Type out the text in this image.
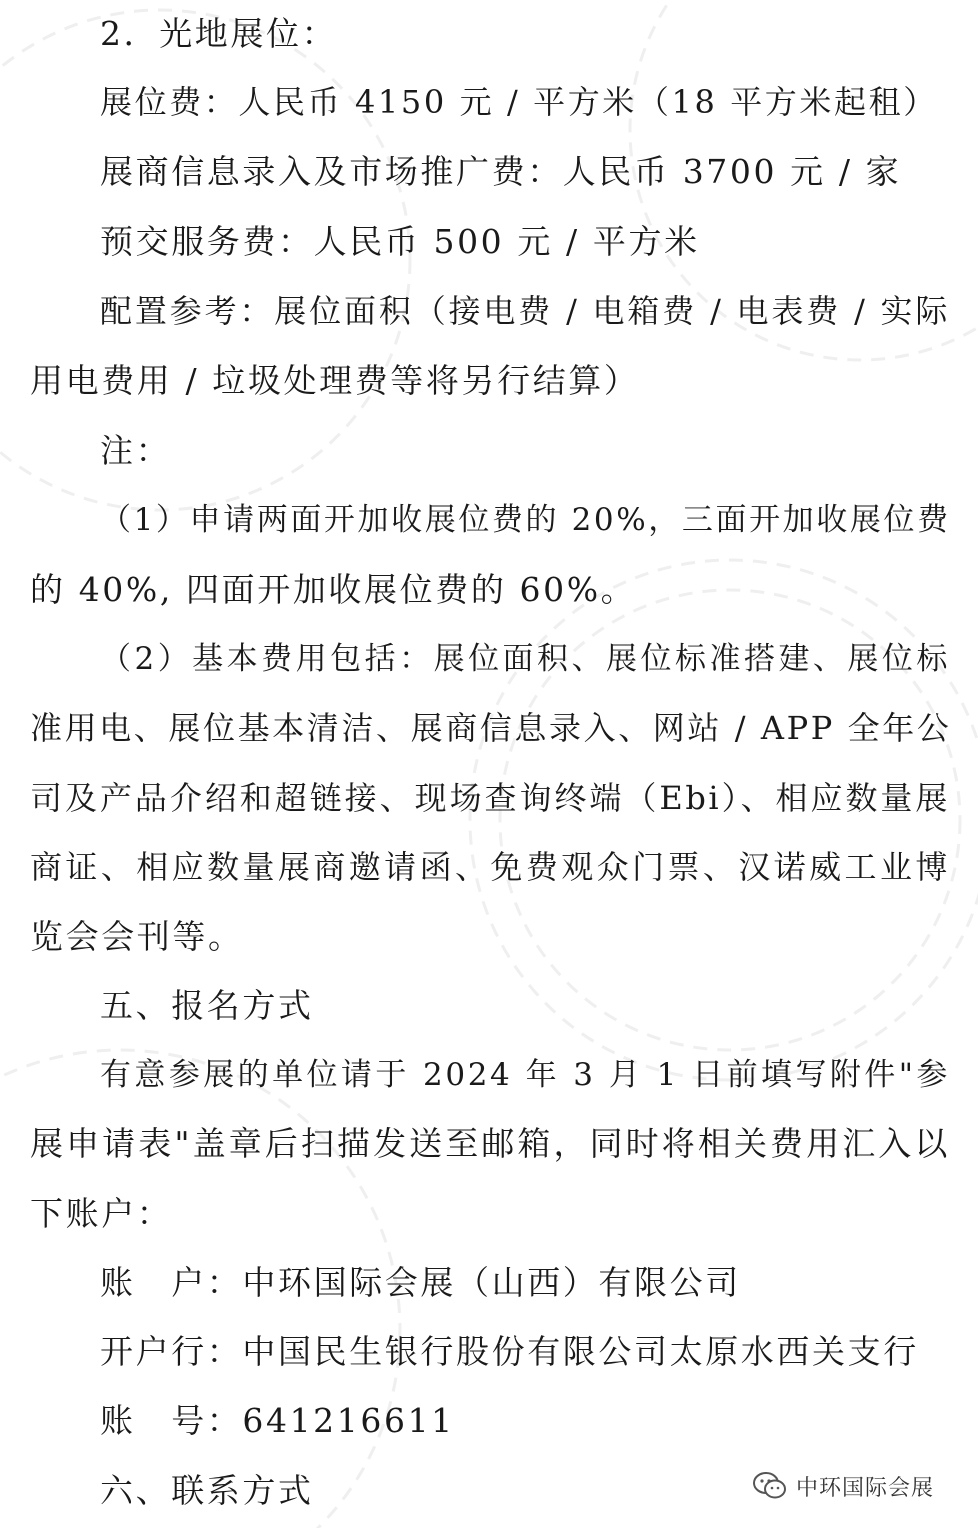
2．光地展位：
展位费：人民币 4150 元 / 平方米（18 平方米起租）
展商信息录入及市场推广费：人民币 3700 元 / 家
预交服务费：人民币 500 元 / 平方米
配置参考：展位面积（接电费 / 电箱费 / 电表费 / 实际
用电费用 / 垃圾处理费等将另行结算）
注：
（1）申请两面开加收展位费的 20%，三面开加收展位费
的 40%, 四面开加收展位费的 60%。
（2）基本费用包括：展位面积、展位标准搭建、展位标
准用电、展位基本清洁、展商信息录入、网站 / APP 全年公
司及产品介绍和超链接、现场查询终端（Ebi）、相应数量展
商证、相应数量展商邀请函、免费观众门票、汉诺威工业博
览会会刊等。
五、报名方式
有意参展的单位请于 2024 年 3 月 1 日前填写附件"参
展申请表"盖章后扫描发送至邮箱，同时将相关费用汇入以
下账户：
账　户：中环国际会展（山西）有限公司
开户行：中国民生银行股份有限公司太原水西关支行
账　号：641216611
六、联系方式	中环国际会展
